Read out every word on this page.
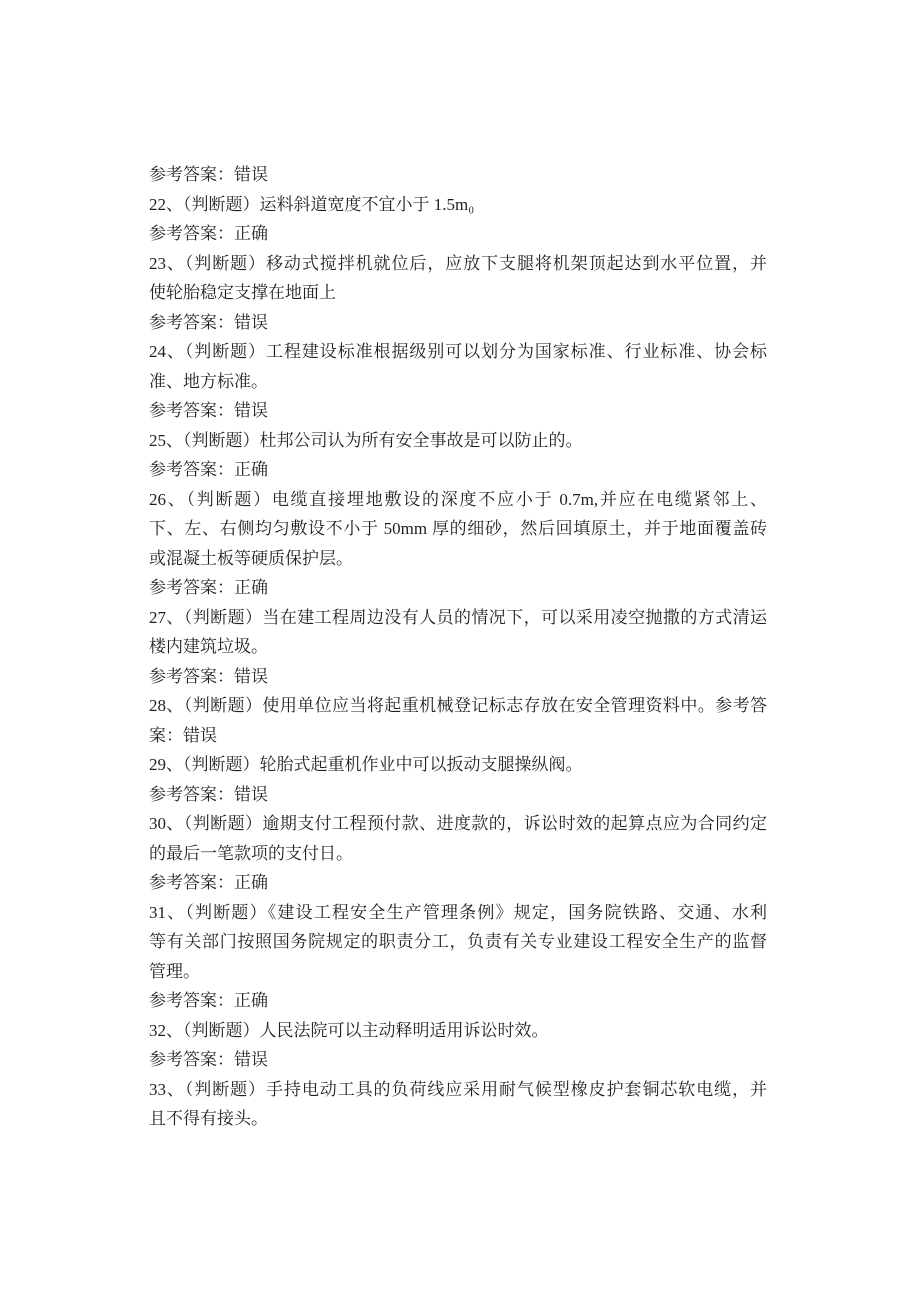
参考答案：错误
22、（判断题）运料斜道宽度不宜小于 1.5m₀
参考答案：正确
23、（判断题）移动式搅拌机就位后，应放下支腿将机架顶起达到水平位置，并
使轮胎稳定支撑在地面上
参考答案：错误
24、（判断题）工程建设标准根据级别可以划分为国家标准、行业标准、协会标
准、地方标准。
参考答案：错误
25、（判断题）杜邦公司认为所有安全事故是可以防止的。
参考答案：正确
26、（判断题）电缆直接埋地敷设的深度不应小于 0.7m,并应在电缆紧邻上、
下、左、右侧均匀敷设不小于 50mm 厚的细砂，然后回填原土，并于地面覆盖砖
或混凝土板等硬质保护层。
参考答案：正确
27、（判断题）当在建工程周边没有人员的情况下，可以采用凌空抛撒的方式清运
楼内建筑垃圾。
参考答案：错误
28、（判断题）使用单位应当将起重机械登记标志存放在安全管理资料中。参考答
案：错误
29、（判断题）轮胎式起重机作业中可以扳动支腿操纵阀。
参考答案：错误
30、（判断题）逾期支付工程预付款、进度款的，诉讼时效的起算点应为合同约定
的最后一笔款项的支付日。
参考答案：正确
31、（判断题）《建设工程安全生产管理条例》规定，国务院铁路、交通、水利
等有关部门按照国务院规定的职责分工，负责有关专业建设工程安全生产的监督
管理。
参考答案：正确
32、（判断题）人民法院可以主动释明适用诉讼时效。
参考答案：错误
33、（判断题）手持电动工具的负荷线应采用耐气候型橡皮护套铜芯软电缆，并
且不得有接头。
